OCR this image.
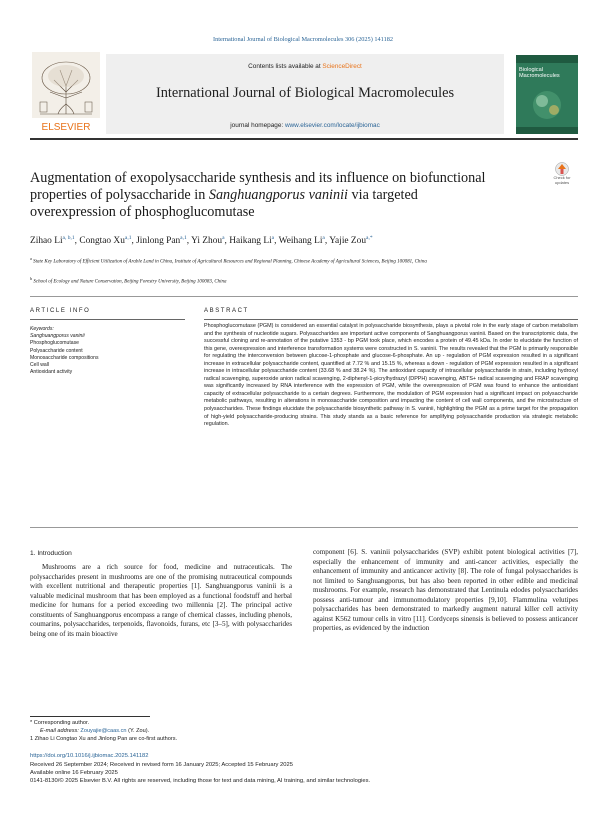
International Journal of Biological Macromolecules 306 (2025) 141182
ELSEVIER
Contents lists available at ScienceDirect
International Journal of Biological Macromolecules
journal homepage: www.elsevier.com/locate/ijbiomac
Biological Macromolecules
Augmentation of exopolysaccharide synthesis and its influence on biofunctional properties of polysaccharide in Sanghuangporus vaninii via targeted overexpression of phosphoglucomutase
Check for
updates
Zihao Li$^{a, b,1}$, Congtao Xu$^{a,1}$, Jinlong Pan$^{a,1}$, Yi Zhou$^a$, Haikang Li$^a$, Weihang Li$^a$, Yajie Zou$^{a,*}$
$^a$ State Key Laboratory of Efficient Utilization of Arable Land in China, Institute of Agricultural Resources and Regional Planning, Chinese Academy of Agricultural Sciences, Beijing 100081, China
$^b$ School of Ecology and Nature Conservation, Beijing Forestry University, Beijing 100083, China
ARTICLE INFO
Keywords:
Sanghuangporus vaninii
Phosphoglucomutase
Polysaccharide content
Monosaccharide compositions
Cell wall
Antioxidant activity
ABSTRACT
Phosphoglucomutase (PGM) is considered an essential catalyst in polysaccharide biosynthesis, plays a pivotal role in the early stage of carbon metabolism and the synthesis of nucleotide sugars. Polysaccharides are important active components of Sanghuangporus vaninii. Based on the transcriptomic data, the successful cloning and re-annotation of the putative 1353 - bp PGM took place, which encodes a protein of 49.45 kDa. In order to elucidate the function of this gene, overexpression and interference transformation systems were constructed in S. vaninii. The results revealed that the PGM is primarily responsible for regulating the interconversion between glucose-1-phosphate and glucose-6-phosphate. An up - regulation of PGM expression resulted in a significant increase in extracellular polysaccharide content, quantified at 7.72 % and 15.15 %, whereas a down - regulation of PGM expression resulted in a significant increase in intracellular polysaccharide content (33.68 % and 38.24 %). The antioxidant capacity of intracellular polysaccharide in strain, including hydroxyl radical scavenging, superoxide anion radical scavenging, 2-diphenyl-1-picrylhydrazyl (DPPH) scavenging, ABTS+ radical scavenging and FRAP scavenging was significantly increased by RNA interference with the expression of PGM, while the overexpression of PGM was found to enhance the antioxidant capacity of extracellular polysaccharide to a certain degrees. Furthermore, the modulation of PGM expression had a significant impact on polysaccharide metabolic pathways, resulting in alterations in monosaccharide composition and impacting the content of cell wall components, and the microstructure of polysaccharides. These findings elucidate the polysaccharide biosynthetic pathway in S. vaninii, highlighting the PGM as a prime target for the propagation of high-yield polysaccharide-producing strains. This study stands as a basic reference for amplifying polysaccharide production via strategic metabolic regulation.
1. Introduction
Mushrooms are a rich source for food, medicine and nutraceuticals. The polysaccharides present in mushrooms are one of the promising nutraceutical compounds with excellent nutritional and therapeutic properties [1]. Sanghuangporus vaninii is a valuable medicinal mushroom that has been employed as a functional foodstuff and herbal medicine for humans for a period exceeding two millennia [2]. The principal active constituents of Sanghuangporus encompass a range of chemical classes, including phenols, coumarins, polysaccharides, terpenoids, flavonoids, furans, etc [3–5], with polysaccharides being one of its main bioactive
component [6]. S. vaninii polysaccharides (SVP) exhibit potent biological activities [7], especially the enhancement of immunity and anti-cancer activities, especially the enhancement of immunity and anticancer activity [8]. The role of fungal polysaccharides is not limited to Sanghuangporus, but has also been reported in other edible and medicinal mushrooms. For example, research has demonstrated that Lentinula edodes polysaccharides possess anti-tumour and immunomodulatory properties [9,10]. Flammulina velutipes polysaccharides has been demonstrated to markedly augment natural killer cell activity against K562 tumour cells in vitro [11]. Cordyceps sinensis is believed to possess anticancer properties, as evidenced by the induction
* Corresponding author.
E-mail address: Zouyajie@caas.cn (Y. Zou).
1 Zihao Li Congtao Xu and Jinlong Pan are co-first authors.
https://doi.org/10.1016/j.ijbiomac.2025.141182
Received 26 September 2024; Received in revised form 16 January 2025; Accepted 15 February 2025
Available online 16 February 2025
0141-8130/© 2025 Elsevier B.V. All rights are reserved, including those for text and data mining, AI training, and similar technologies.
